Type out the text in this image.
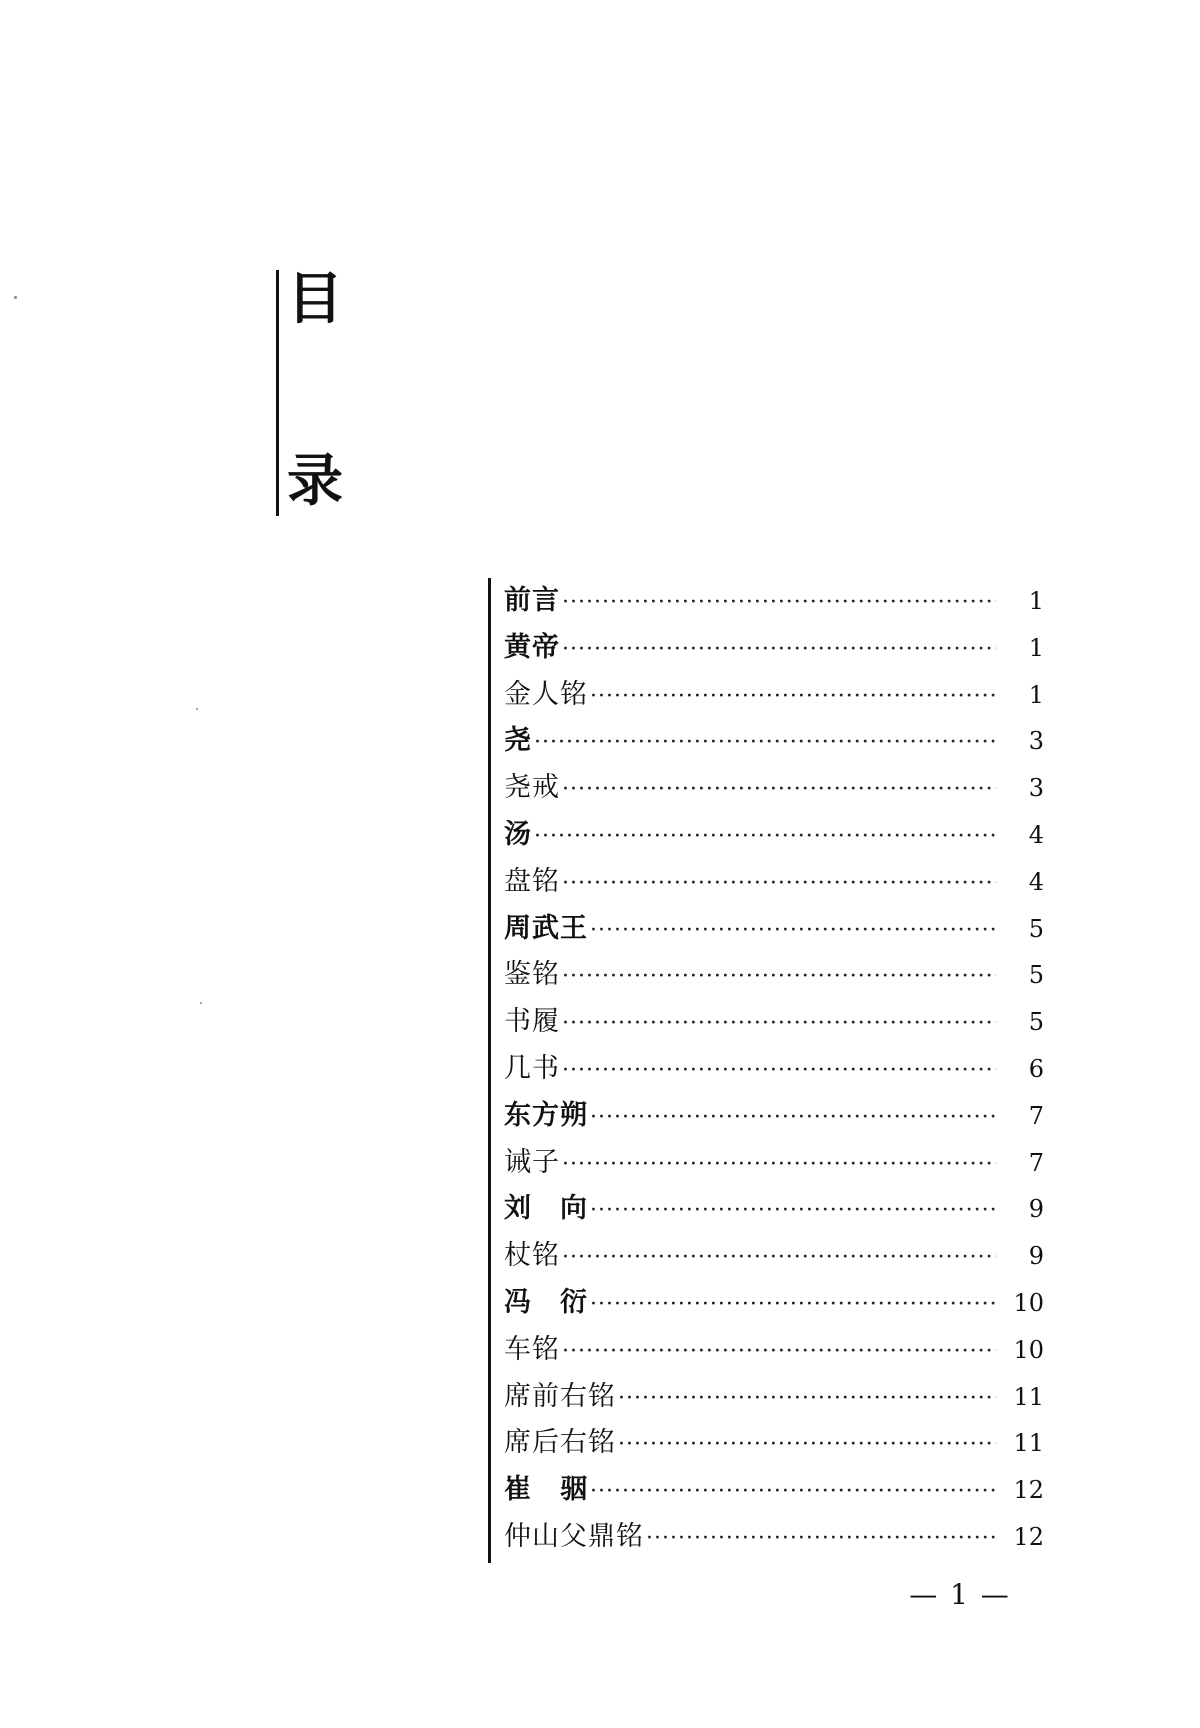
目
录
前言 ·····	1
黄帝 ·····	1
金人铭 ·····	1
尧 ·····	3
尧戒 ·····	3
汤 ·····	4
盘铭 ·····	4
周武王 ·····	5
鉴铭 ·····	5
书履 ·····	5
几书 ·····	6
东方朔 ·····	7
诫子 ·····	7
刘　向 ·····	9
杖铭 ·····	9
冯　衍 ·····	10
车铭 ·····	10
席前右铭 ·····	11
席后右铭 ·····	11
崔　骃 ·····	12
仲山父鼎铭 ·····	12
— 1 —
